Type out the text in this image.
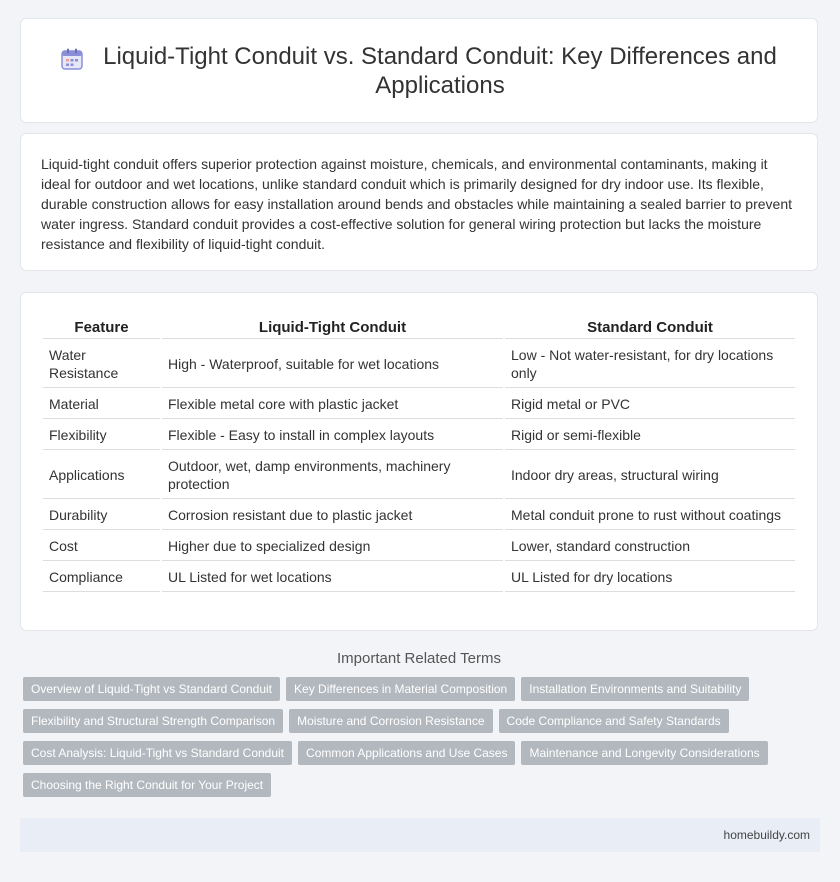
Liquid-Tight Conduit vs. Standard Conduit: Key Differences and Applications

Liquid-tight conduit offers superior protection against moisture, chemicals, and environmental contaminants, making it ideal for outdoor and wet locations, unlike standard conduit which is primarily designed for dry indoor use. Its flexible, durable construction allows for easy installation around bends and obstacles while maintaining a sealed barrier to prevent water ingress. Standard conduit provides a cost-effective solution for general wiring protection but lacks the moisture resistance and flexibility of liquid-tight conduit.

Feature	Liquid-Tight Conduit	Standard Conduit
Water Resistance	High - Waterproof, suitable for wet locations	Low - Not water-resistant, for dry locations only
Material	Flexible metal core with plastic jacket	Rigid metal or PVC
Flexibility	Flexible - Easy to install in complex layouts	Rigid or semi-flexible
Applications	Outdoor, wet, damp environments, machinery protection	Indoor dry areas, structural wiring
Durability	Corrosion resistant due to plastic jacket	Metal conduit prone to rust without coatings
Cost	Higher due to specialized design	Lower, standard construction
Compliance	UL Listed for wet locations	UL Listed for dry locations
Important Related Terms
Overview of Liquid-Tight vs Standard Conduit	Key Differences in Material Composition	Installation Environments and Suitability
Flexibility and Structural Strength Comparison	Moisture and Corrosion Resistance	Code Compliance and Safety Standards
Cost Analysis: Liquid-Tight vs Standard Conduit	Common Applications and Use Cases	Maintenance and Longevity Considerations
Choosing the Right Conduit for Your Project
homebuildy.com
